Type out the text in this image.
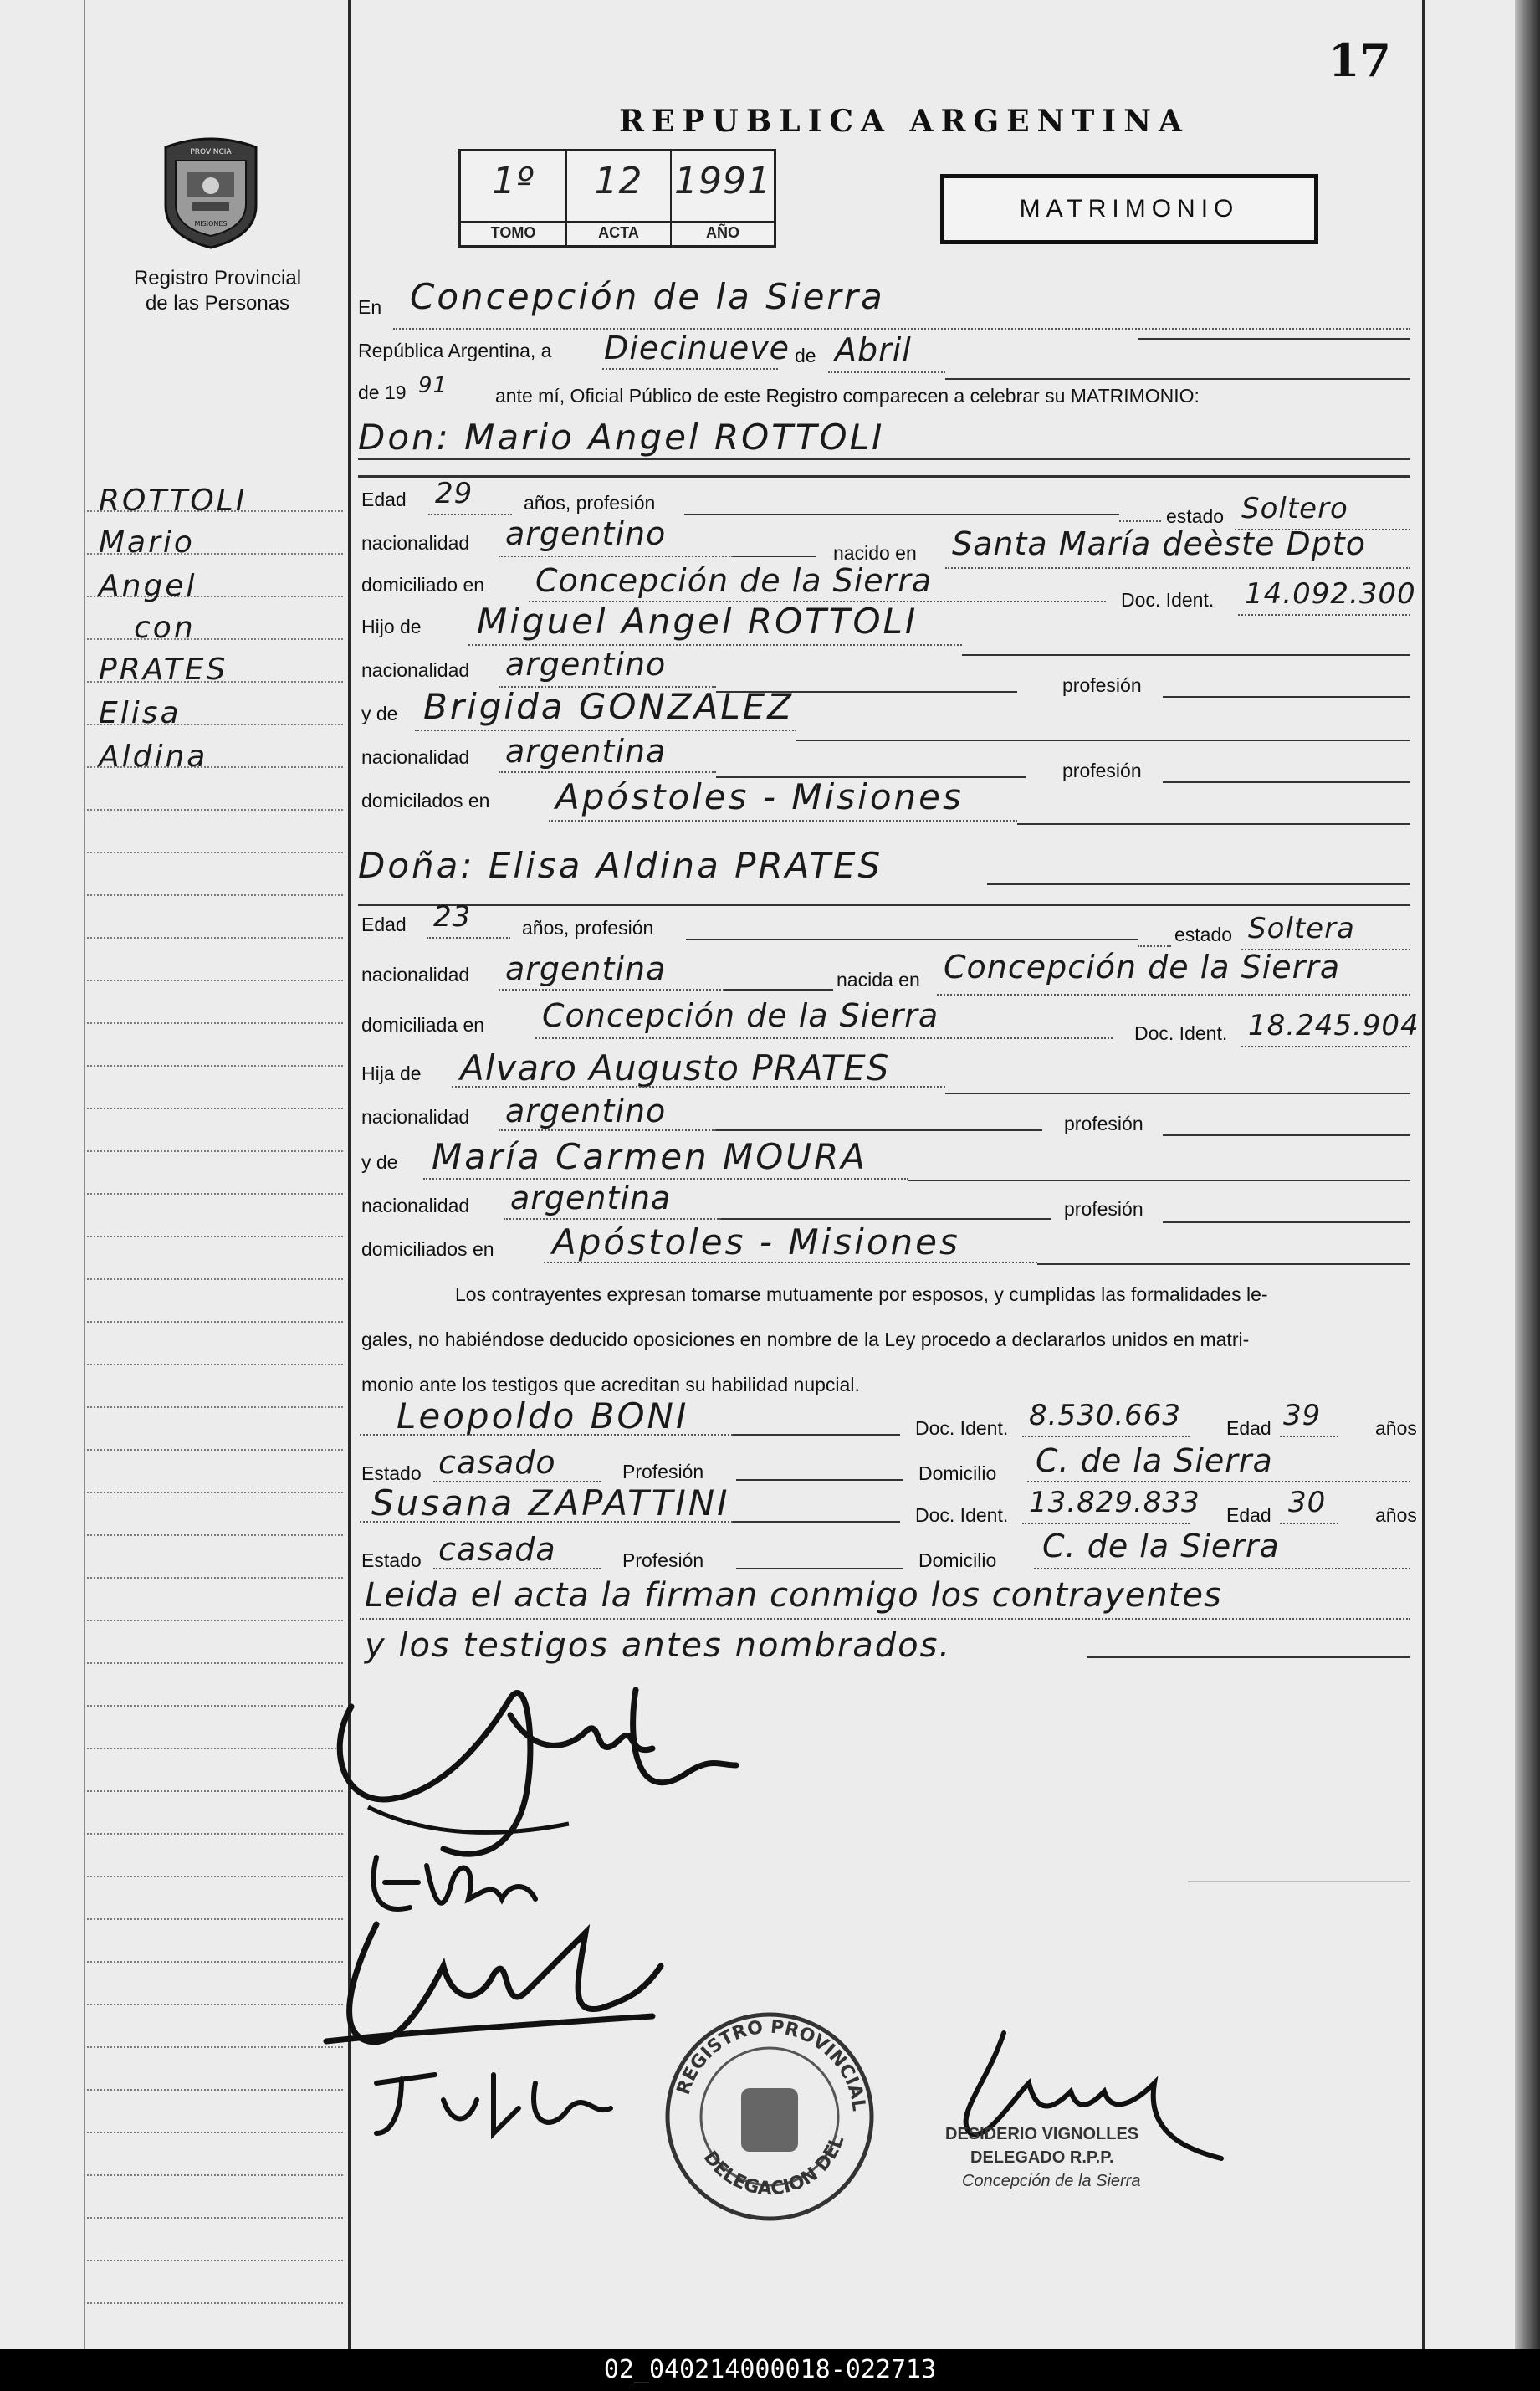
17
REPUBLICA ARGENTINA
1º
TOMO
12
ACTA
1991
AÑO
MATRIMONIO
PROVINCIA
MISIONES
Registro Provincial
de las Personas
ROTTOLI
Mario
Angel
con
PRATES
Elisa
Aldina
En Concepción de la Sierra
República Argentina, a Diecinueve de Abril
de 19 91 ante mí, Oficial Público de este Registro comparecen a celebrar su MATRIMONIO:
Don: Mario Angel ROTTOLI
Edad 29	años, profesión
estado Soltero
nacionalidad argentino
nacido en Santa María deèste Dpto
domiciliado en Concepción de la Sierra
Doc. Ident. 14.092.300
Hijo de Miguel Angel ROTTOLI
nacionalidad argentino
profesión
y de Brigida GONZALEZ
nacionalidad argentina
profesión
domicilados en Apóstoles - Misiones
Doña: Elisa Aldina PRATES
Edad 23	años, profesión	estado Soltera
nacionalidad argentina	nacida en Concepción de la Sierra
domiciliada en Concepción de la Sierra	Doc. Ident. 18.245.904
Hija de Alvaro Augusto PRATES
nacionalidad argentino	profesión
y de María Carmen MOURA
nacionalidad argentina	profesión
domiciliados en Apóstoles - Misiones
Los contrayentes expresan tomarse mutuamente por esposos, y cumplidas las formalidades le-
gales, no habiéndose deducido oposiciones en nombre de la Ley procedo a declararlos unidos en matri-
monio ante los testigos que acreditan su habilidad nupcial.
Leopoldo BONI	Doc. Ident. 8.530.663 Edad 39	años
Estado casado	Profesión	Domicilio C. de la Sierra
Susana ZAPATTINI	Doc. Ident. 13.829.833 Edad 30	años
Estado casada	Profesión	Domicilio C. de la Sierra
Leida el acta la firman conmigo los contrayentes
y los testigos antes nombrados.
REGISTRO PROVINCIAL
DELEGACION DEL	DESIDERIO VIGNOLLES
DELEGADO R.P.P.
Concepción de la Sierra
02_040214000018-022713
